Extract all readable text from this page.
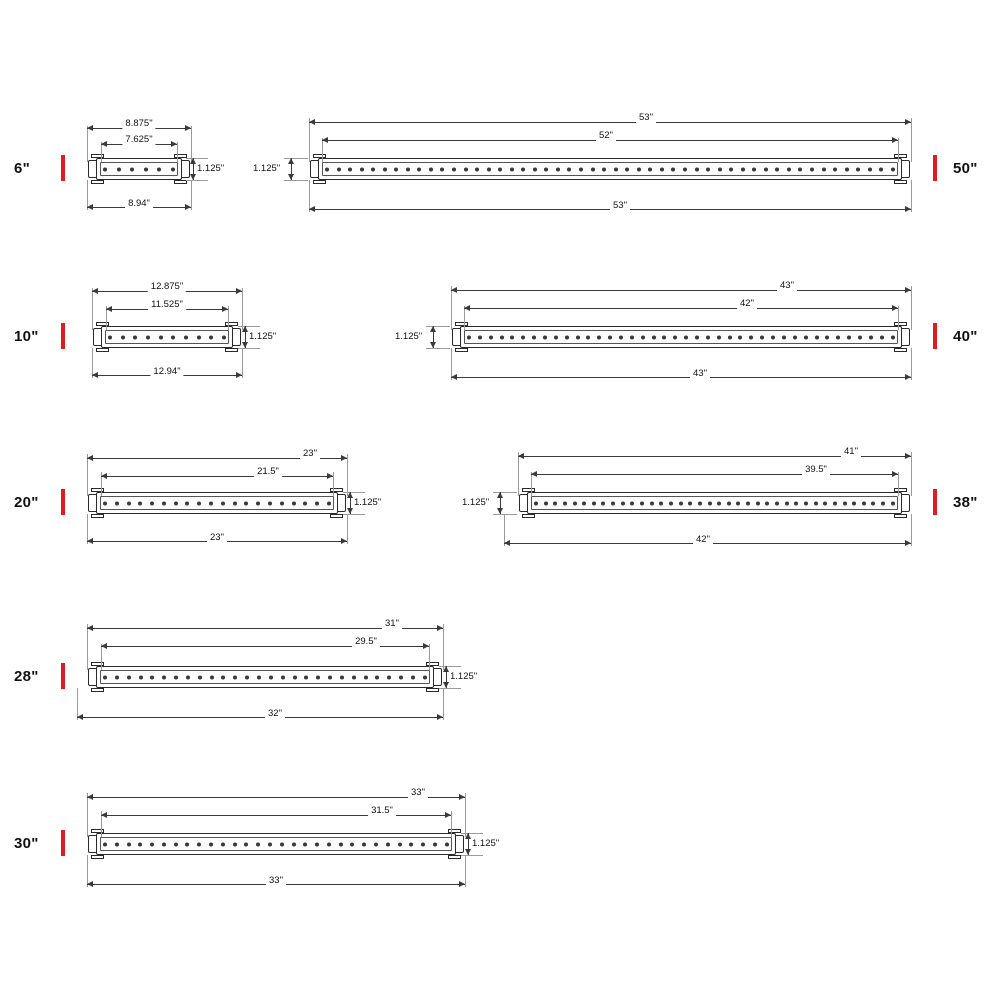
6"
8.875"
7.625"
8.94"
1.125"	50"
53"
52"
53"
1.125"
10"
12.875"
11.525"
12.94"
1.125"	40"
43"
42"
43"
1.125"
20"
23"
21.5"
23"
1.125"	38"
41"
39.5"
42"
1.125"
28"
31"
29.5"
32"
1.125"
30"
33"
31.5"
33"
1.125"
